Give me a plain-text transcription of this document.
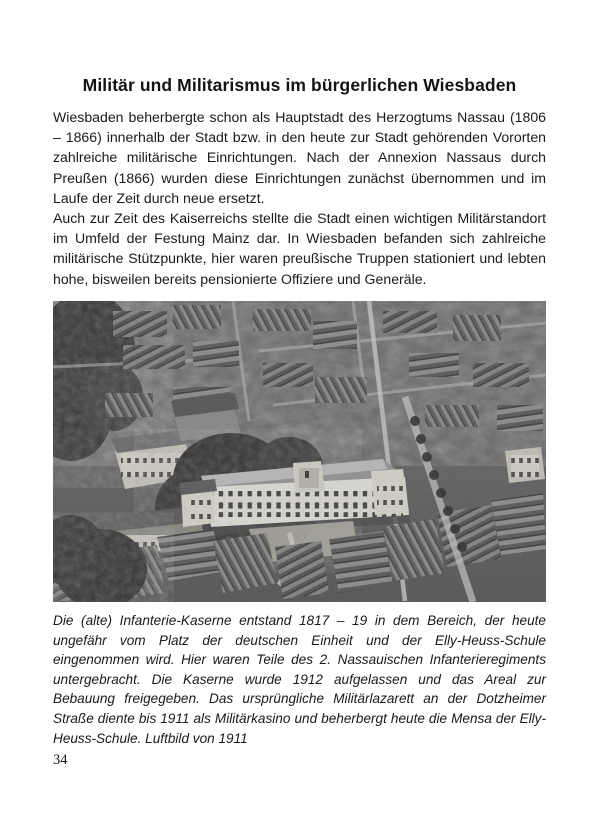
Militär und Militarismus im bürgerlichen Wiesbaden

Wiesbaden beherbergte schon als Hauptstadt des Herzogtums Nassau (1806 – 1866) innerhalb der Stadt bzw. in den heute zur Stadt gehörenden Vororten zahlreiche militärische Einrichtungen. Nach der Annexion Nassaus durch Preußen (1866) wurden diese Einrichtungen zunächst übernommen und im Laufe der Zeit durch neue ersetzt.

Auch zur Zeit des Kaiserreichs stellte die Stadt einen wichtigen Militärstandort im Umfeld der Festung Mainz dar. In Wiesbaden befanden sich zahlreiche militärische Stützpunkte, hier waren preußische Truppen stationiert und lebten hohe, bisweilen bereits pensionierte Offiziere und Generäle.

Die (alte) Infanterie-Kaserne entstand 1817 – 19 in dem Bereich, der heute ungefähr vom Platz der deutschen Einheit und der Elly-Heuss-Schule eingenommen wird. Hier waren Teile des 2. Nassauischen Infanterieregiments untergebracht. Die Kaserne wurde 1912 aufgelassen und das Areal zur Bebauung freigegeben. Das ursprüngliche Militärlazarett an der Dotzheimer Straße diente bis 1911 als Militärkasino und beherbergt heute die Mensa der Elly-Heuss-Schule. Luftbild von 1911

34
